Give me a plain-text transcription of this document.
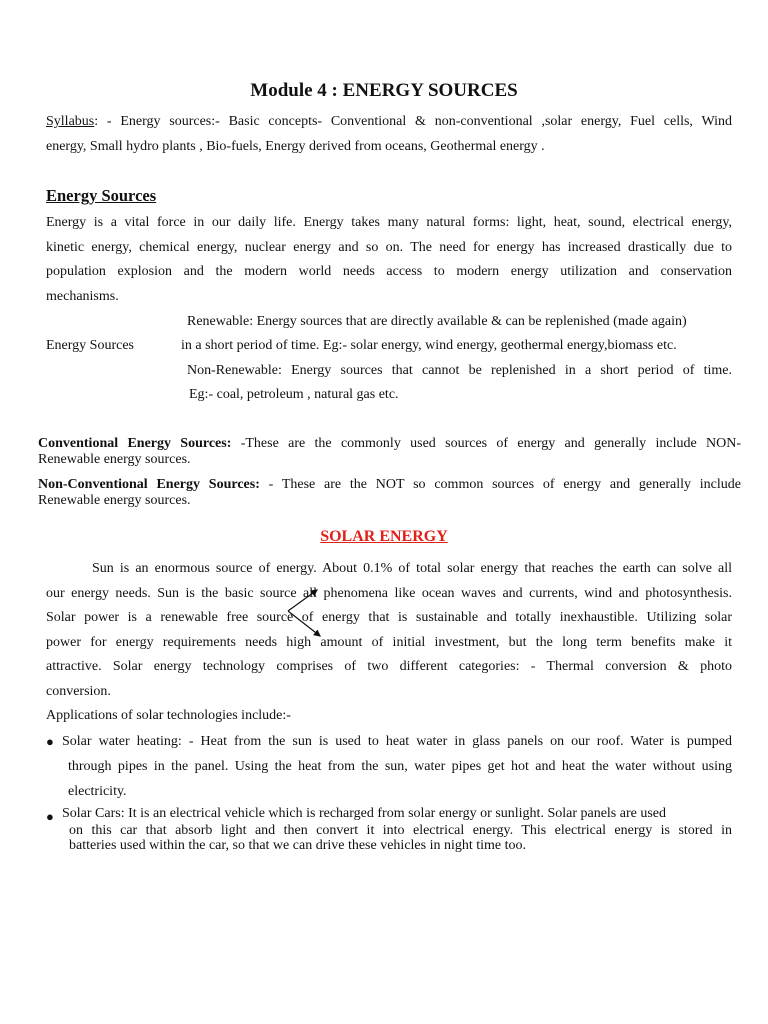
Module 4 : ENERGY SOURCES
Syllabus: - Energy sources:- Basic concepts- Conventional & non-conventional ,solar energy, Fuel cells, Wind
energy, Small hydro plants , Bio-fuels, Energy derived from oceans, Geothermal energy .
Energy Sources
Energy is a vital force in our daily life. Energy takes many natural forms: light, heat, sound, electrical energy,
kinetic energy, chemical energy, nuclear energy and so on. The need for energy has increased drastically due to
population explosion and the modern world needs access to modern energy utilization and conservation
mechanisms.
Renewable: Energy sources that are directly available & can be replenished (made again)
Energy Sources	in a short period of time. Eg:- solar energy, wind energy, geothermal energy,biomass etc.
Non-Renewable: Energy sources that cannot be replenished in a short period of time.
Eg:- coal, petroleum , natural gas etc.
Conventional Energy Sources: -These are the commonly used sources of energy and generally include NON-
Renewable energy sources.
Non-Conventional Energy Sources: - These are the NOT so common sources of energy and generally include
Renewable energy sources.
SOLAR ENERGY
Sun is an enormous source of energy. About 0.1% of total solar energy that reaches the earth can solve all
our energy needs. Sun is the basic source all phenomena like ocean waves and currents, wind and photosynthesis.
Solar power is a renewable free source of energy that is sustainable and totally inexhaustible. Utilizing solar
power for energy requirements needs high amount of initial investment, but the long term benefits make it
attractive. Solar energy technology comprises of two different categories: - Thermal conversion & photo
conversion.
Applications of solar technologies include:-
● Solar water heating: - Heat from the sun is used to heat water in glass panels on our roof. Water is pumped
through pipes in the panel. Using the heat from the sun, water pipes get hot and heat the water without using
electricity.
● Solar Cars: It is an electrical vehicle which is recharged from solar energy or sunlight. Solar panels are used
on this car that absorb light and then convert it into electrical energy. This electrical energy is stored in
batteries used within the car, so that we can drive these vehicles in night time too.
